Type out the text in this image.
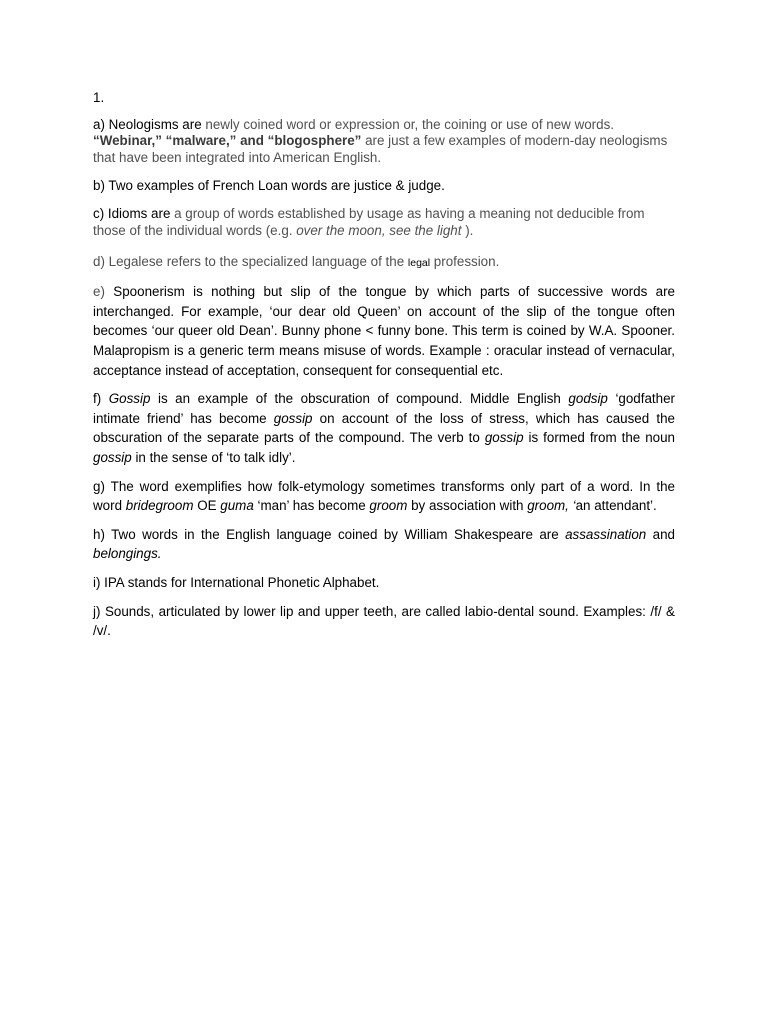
1.

a) Neologisms are newly coined word or expression or, the coining or use of new words.
“Webinar,” “malware,” and “blogosphere” are just a few examples of modern-day neologisms that have been integrated into American English.

b) Two examples of French Loan words are justice & judge.

c) Idioms are a group of words established by usage as having a meaning not deducible from those of the individual words (e.g. over the moon, see the light ).

d) Legalese refers to the specialized language of the legal profession.

e) Spoonerism is nothing but slip of the tongue by which parts of successive words are interchanged. For example, ‘our dear old Queen’ on account of the slip of the tongue often becomes ‘our queer old Dean’. Bunny phone < funny bone. This term is coined by W.A. Spooner. Malapropism is a generic term means misuse of words. Example : oracular instead of vernacular, acceptance instead of acceptation, consequent for consequential etc.

f) Gossip is an example of the obscuration of compound. Middle English godsip ‘godfather intimate friend’ has become gossip on account of the loss of stress, which has caused the obscuration of the separate parts of the compound. The verb to gossip is formed from the noun gossip in the sense of ‘to talk idly’.

g) The word exemplifies how folk-etymology sometimes transforms only part of a word. In the word bridegroom OE guma ‘man’ has become groom by association with groom, ‘an attendant’.

h) Two words in the English language coined by William Shakespeare are assassination and belongings.

i) IPA stands for International Phonetic Alphabet.

j) Sounds, articulated by lower lip and upper teeth, are called labio-dental sound. Examples: /f/ & /v/.
